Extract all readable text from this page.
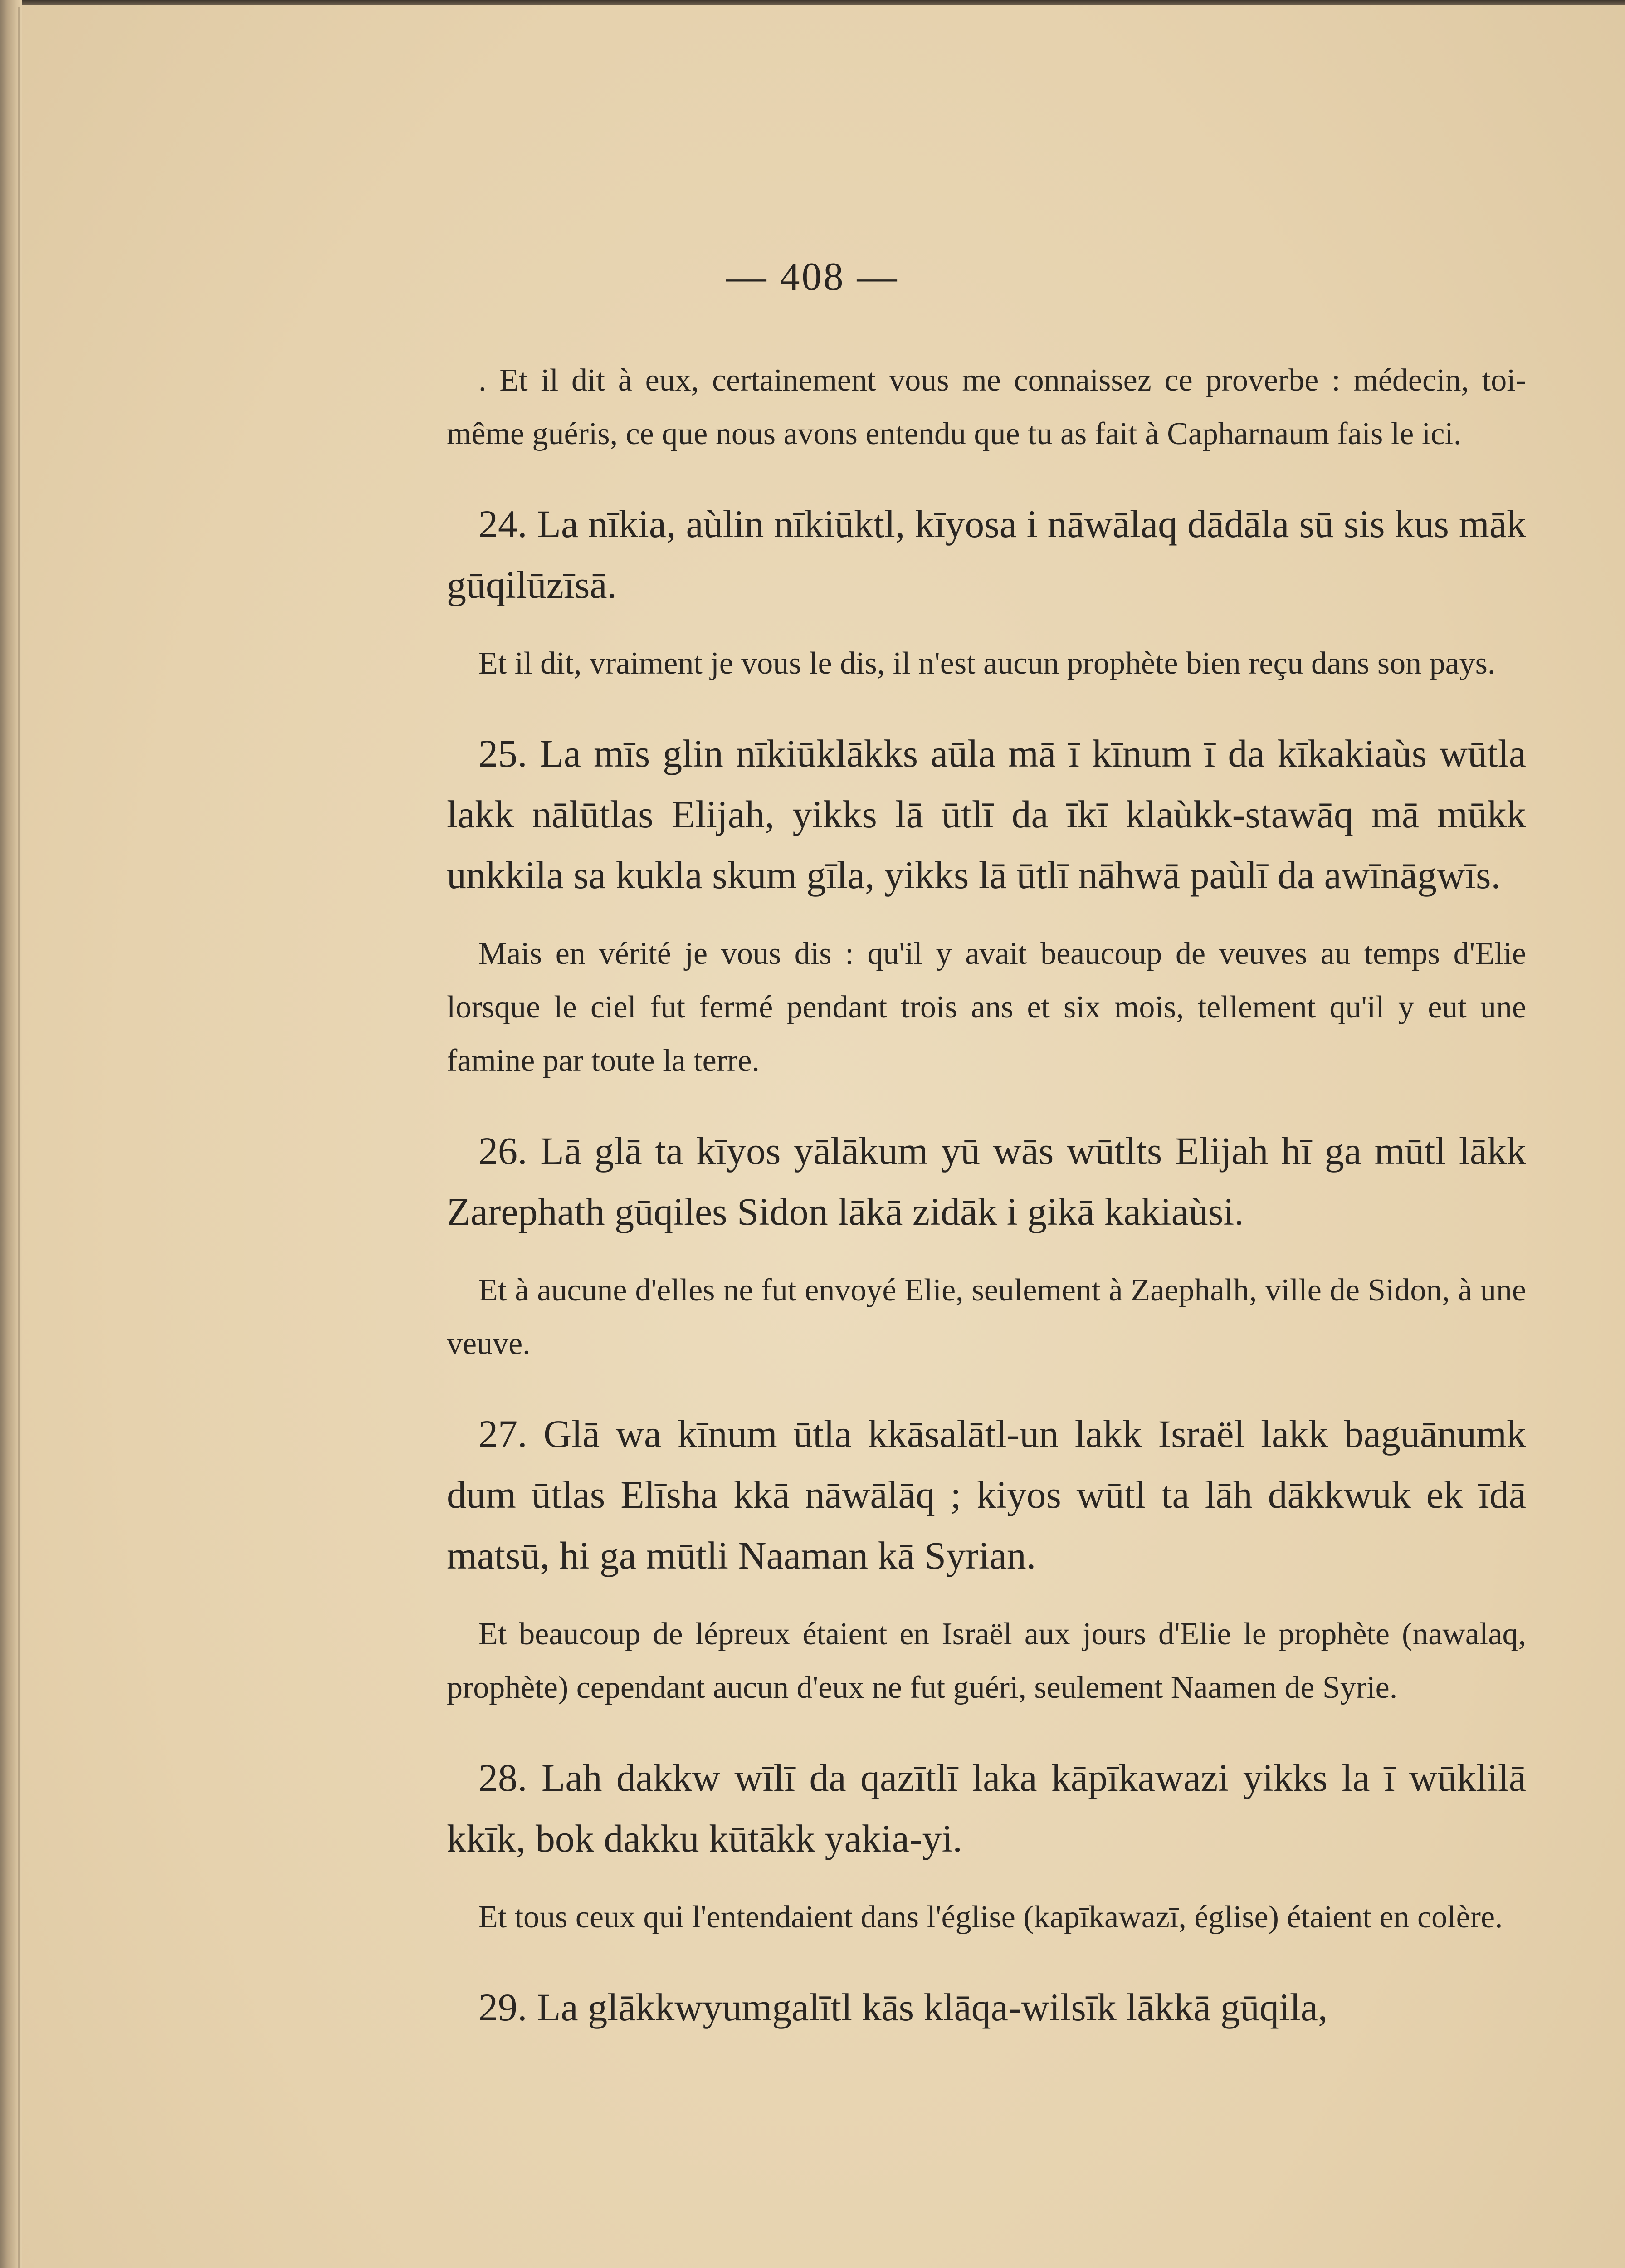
— 408 —

. Et il dit à eux, certainement vous me connaissez ce proverbe : médecin, toi-même guéris, ce que nous avons entendu que tu as fait à Capharnaum fais le ici.

24. La nīkia, aùlin nīkiūktl, kīyosa i nāwālaq dādāla sū sis kus māk gūqilūzīsā.

Et il dit, vraiment je vous le dis, il n'est aucun prophète bien reçu dans son pays.

25. La mīs glin nīkiūklākks aūla mā ī kīnum ī da kīkakiaùs wūtla lakk nālūtlas Elijah, yikks lā ūtlī da īkī klaùkk-stawāq mā mūkk unkkila sa kukla skum gīla, yikks lā ūtlī nāhwā paùlī da awīnāgwīs.

Mais en vérité je vous dis : qu'il y avait beaucoup de veuves au temps d'Elie lorsque le ciel fut fermé pendant trois ans et six mois, tellement qu'il y eut une famine par toute la terre.

26. Lā glā ta kīyos yālākum yū wās wūtlts Elijah hī ga mūtl lākk Zarephath gūqiles Sidon lākā zidāk i gikā kakiaùsi.

Et à aucune d'elles ne fut envoyé Elie, seulement à Zaephalh, ville de Sidon, à une veuve.

27. Glā wa kīnum ūtla kkāsalātl-un lakk Israël lakk baguānumk dum ūtlas Elīsha kkā nāwālāq ; kiyos wūtl ta lāh dākkwuk ek īdā matsū, hi ga mūtli Naaman kā Syrian.

Et beaucoup de lépreux étaient en Israël aux jours d'Elie le prophète (nawalaq, prophète) cependant aucun d'eux ne fut guéri, seulement Naamen de Syrie.

28. Lah dakkw wīlī da qazītlī laka kāpīkawazi yikks la ī wūklilā kkīk, bok dakku kūtākk yakia-yi.

Et tous ceux qui l'entendaient dans l'église (kapīkawazī, église) étaient en colère.

29. La glākkwyumgalītl kās klāqa-wilsīk lākkā gūqila,
